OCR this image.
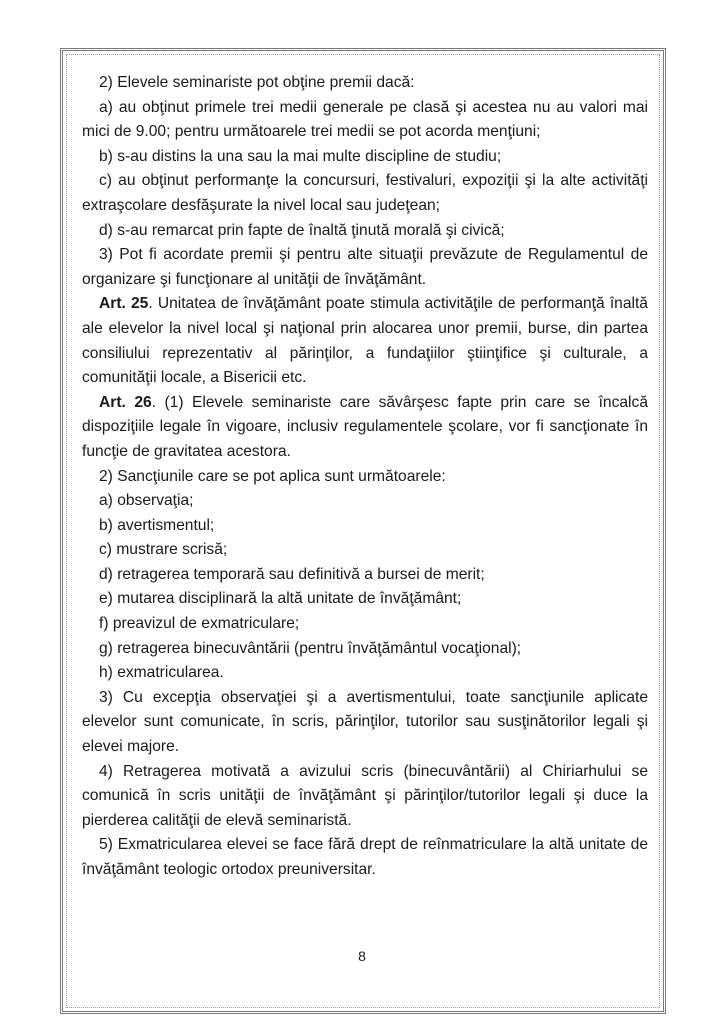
2) Elevele seminariste pot obţine premii dacă:

a) au obţinut primele trei medii generale pe clasă şi acestea nu au valori mai mici de 9.00; pentru următoarele trei medii se pot acorda menţiuni;

b) s-au distins la una sau la mai multe discipline de studiu;

c) au obţinut performanţe la concursuri, festivaluri, expoziţii şi la alte activităţi extraşcolare desfăşurate la nivel local sau judeţean;

d) s-au remarcat prin fapte de înaltă ţinută morală şi civică;

3) Pot fi acordate premii şi pentru alte situaţii prevăzute de Regulamentul de organizare şi funcţionare al unităţii de învăţământ.

Art. 25. Unitatea de învăţământ poate stimula activităţile de performanţă înaltă ale elevelor la nivel local şi naţional prin alocarea unor premii, burse, din partea consiliului reprezentativ al părinţilor, a fundaţiilor ştiinţifice şi culturale, a comunităţii locale, a Bisericii etc.

Art. 26. (1) Elevele seminariste care săvârşesc fapte prin care se încalcă dispoziţiile legale în vigoare, inclusiv regulamentele şcolare, vor fi sancţionate în funcţie de gravitatea acestora.

2) Sancţiunile care se pot aplica sunt următoarele:

a) observaţia;

b) avertismentul;

c) mustrare scrisă;

d) retragerea temporară sau definitivă a bursei de merit;

e) mutarea disciplinară la altă unitate de învăţământ;

f) preavizul de exmatriculare;

g) retragerea binecuvântării (pentru învăţământul vocaţional);

h) exmatricularea.

3) Cu excepţia observaţiei şi a avertismentului, toate sancţiunile aplicate elevelor sunt comunicate, în scris, părinţilor, tutorilor sau susţinătorilor legali şi elevei majore.

4) Retragerea motivată a avizului scris (binecuvântării) al Chiriarhului se comunică în scris unităţii de învăţământ şi părinţilor/tutorilor legali şi duce la pierderea calităţii de elevă seminaristă.

5) Exmatricularea elevei se face fără drept de reînmatriculare la altă unitate de învăţământ teologic ortodox preuniversitar.

8
